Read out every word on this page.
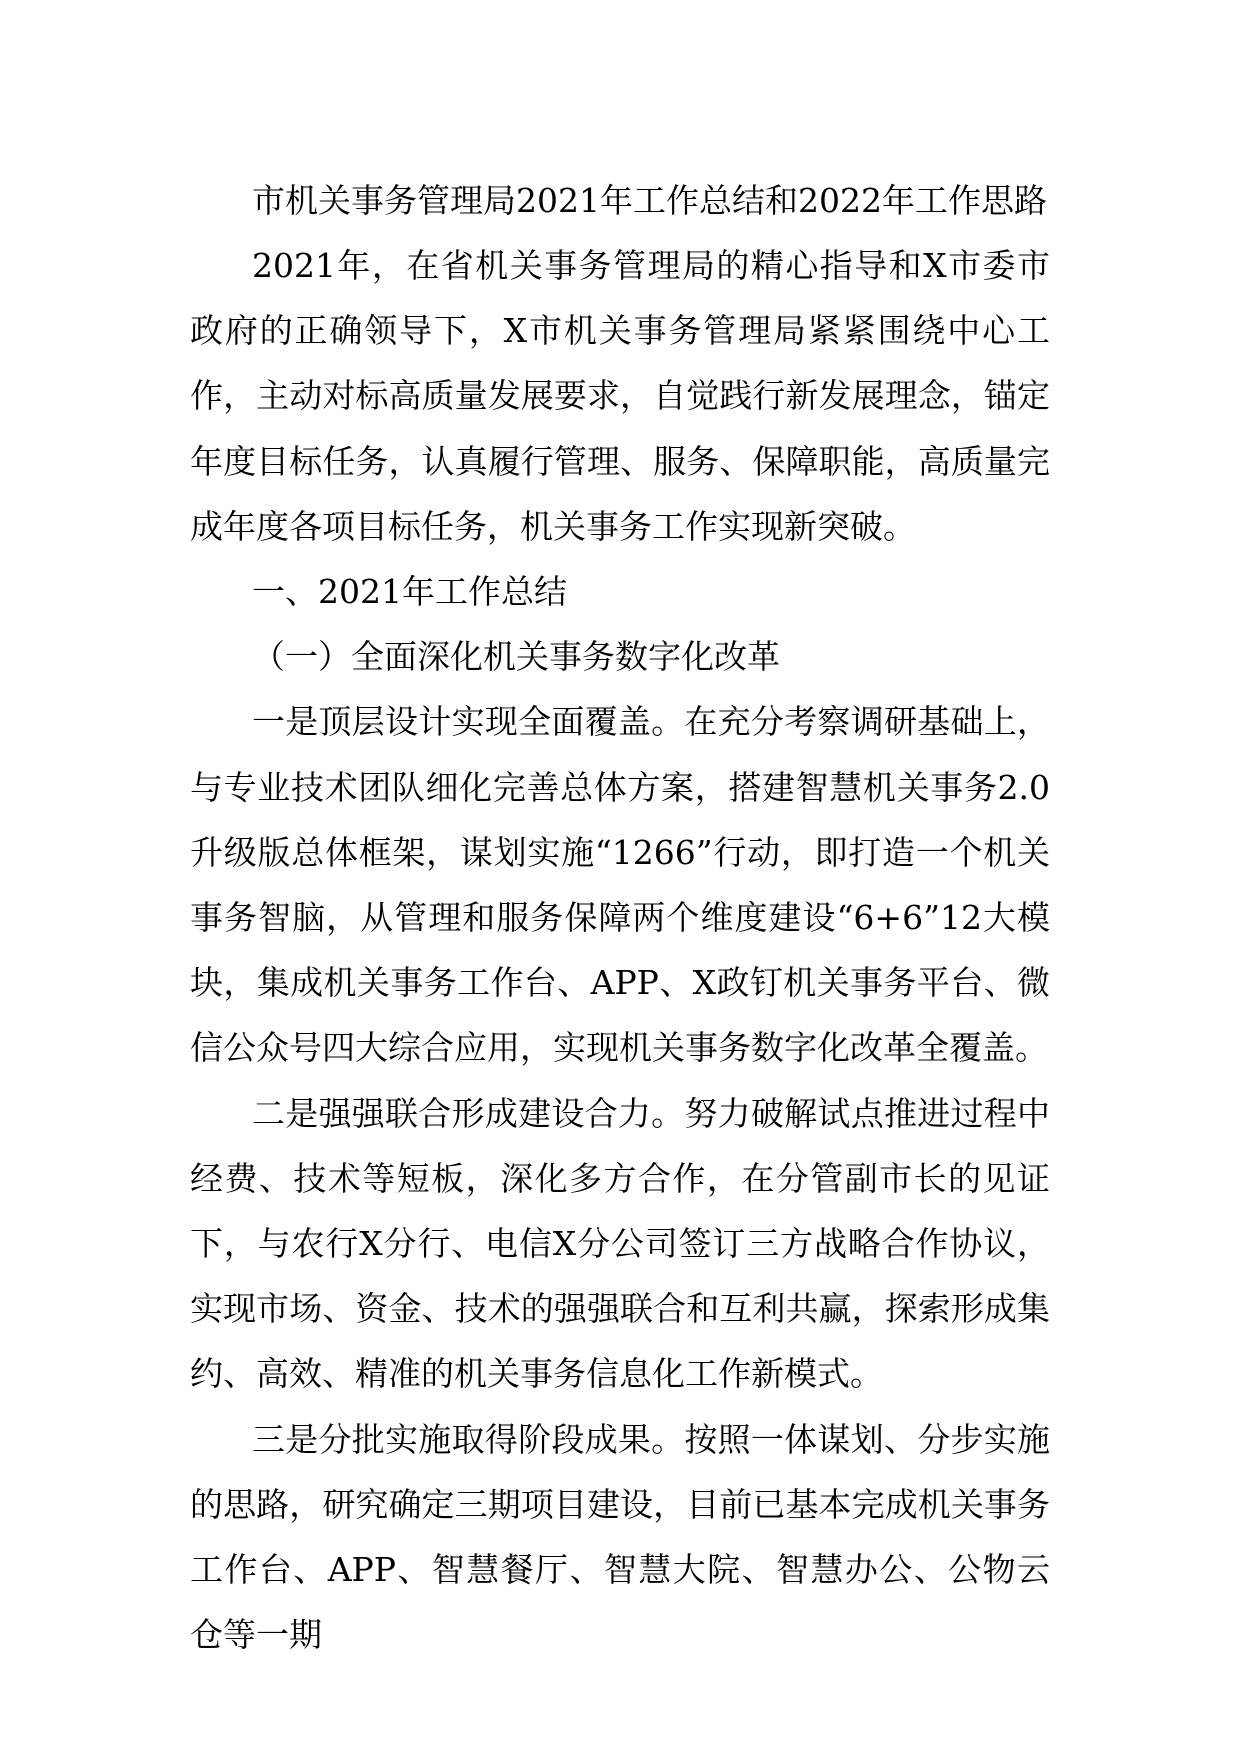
市机关事务管理局2021年工作总结和2022年工作思路

2021年，在省机关事务管理局的精心指导和X市委市政府的正确领导下，X市机关事务管理局紧紧围绕中心工作，主动对标高质量发展要求，自觉践行新发展理念，锚定年度目标任务，认真履行管理、服务、保障职能，高质量完成年度各项目标任务，机关事务工作实现新突破。

一、2021年工作总结

（一）全面深化机关事务数字化改革

一是顶层设计实现全面覆盖。在充分考察调研基础上，与专业技术团队细化完善总体方案，搭建智慧机关事务2.0升级版总体框架，谋划实施“1266”行动，即打造一个机关事务智脑，从管理和服务保障两个维度建设“6+6”12大模块，集成机关事务工作台、APP、X政钉机关事务平台、微信公众号四大综合应用，实现机关事务数字化改革全覆盖。

二是强强联合形成建设合力。努力破解试点推进过程中经费、技术等短板，深化多方合作，在分管副市长的见证下，与农行X分行、电信X分公司签订三方战略合作协议，实现市场、资金、技术的强强联合和互利共赢，探索形成集约、高效、精准的机关事务信息化工作新模式。

三是分批实施取得阶段成果。按照一体谋划、分步实施的思路，研究确定三期项目建设，目前已基本完成机关事务工作台、APP、智慧餐厅、智慧大院、智慧办公、公物云仓等一期
